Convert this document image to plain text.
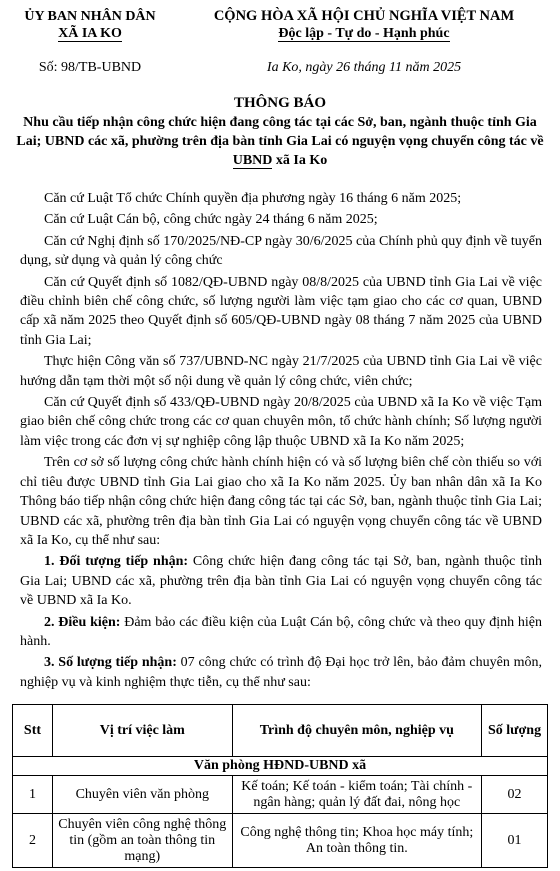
ỦY BAN NHÂN DÂN
XÃ IA KO
CỘNG HÒA XÃ HỘI CHỦ NGHĨA VIỆT NAM
Độc lập - Tự do - Hạnh phúc
Số: 98/TB-UBND	Ia Ko, ngày 26 tháng 11 năm 2025
THÔNG BÁO
Nhu cầu tiếp nhận công chức hiện đang công tác tại các Sở, ban, ngành thuộc tỉnh Gia Lai; UBND các xã, phường trên địa bàn tỉnh Gia Lai có nguyện vọng chuyển công tác về UBND xã Ia Ko

Căn cứ Luật Tổ chức Chính quyền địa phương ngày 16 tháng 6 năm 2025;

Căn cứ Luật Cán bộ, công chức ngày 24 tháng 6 năm 2025;

Căn cứ Nghị định số 170/2025/NĐ-CP ngày 30/6/2025 của Chính phủ quy định về tuyển dụng, sử dụng và quản lý công chức

Căn cứ Quyết định số 1082/QĐ-UBND ngày 08/8/2025 của UBND tỉnh Gia Lai về việc điều chỉnh biên chế công chức, số lượng người làm việc tạm giao cho các cơ quan, UBND cấp xã năm 2025 theo Quyết định số 605/QĐ-UBND ngày 08 tháng 7 năm 2025 của UBND tỉnh Gia Lai;

Thực hiện Công văn số 737/UBND-NC ngày 21/7/2025 của UBND tỉnh Gia Lai về việc hướng dẫn tạm thời một số nội dung về quản lý công chức, viên chức;

Căn cứ Quyết định số 433/QĐ-UBND ngày 20/8/2025 của UBND xã Ia Ko về việc Tạm giao biên chế công chức trong các cơ quan chuyên môn, tổ chức hành chính; Số lượng người làm việc trong các đơn vị sự nghiệp công lập thuộc UBND xã Ia Ko năm 2025;

Trên cơ sở số lượng công chức hành chính hiện có và số lượng biên chế còn thiếu so với chỉ tiêu được UBND tỉnh Gia Lai giao cho xã Ia Ko năm 2025. Ủy ban nhân dân xã Ia Ko Thông báo tiếp nhận công chức hiện đang công tác tại các Sở, ban, ngành thuộc tỉnh Gia Lai; UBND các xã, phường trên địa bàn tỉnh Gia Lai có nguyện vọng chuyển công tác về UBND xã Ia Ko, cụ thể như sau:

1. Đối tượng tiếp nhận: Công chức hiện đang công tác tại Sở, ban, ngành thuộc tỉnh Gia Lai; UBND các xã, phường trên địa bàn tỉnh Gia Lai có nguyện vọng chuyển công tác về UBND xã Ia Ko.

2. Điều kiện: Đảm bảo các điều kiện của Luật Cán bộ, công chức và theo quy định hiện hành.

3. Số lượng tiếp nhận: 07 công chức có trình độ Đại học trở lên, bảo đảm chuyên môn, nghiệp vụ và kinh nghiệm thực tiễn, cụ thể như sau:

Stt	Vị trí việc làm	Trình độ chuyên môn, nghiệp vụ	Số lượng
Văn phòng HĐND-UBND xã			
1	Chuyên viên văn phòng	Kế toán; Kế toán - kiểm toán; Tài chính - ngân hàng; quản lý đất đai, nông học	02
2	Chuyên viên công nghệ thông tin (gồm an toàn thông tin mạng)	Công nghệ thông tin; Khoa học máy tính; An toàn thông tin.	01
